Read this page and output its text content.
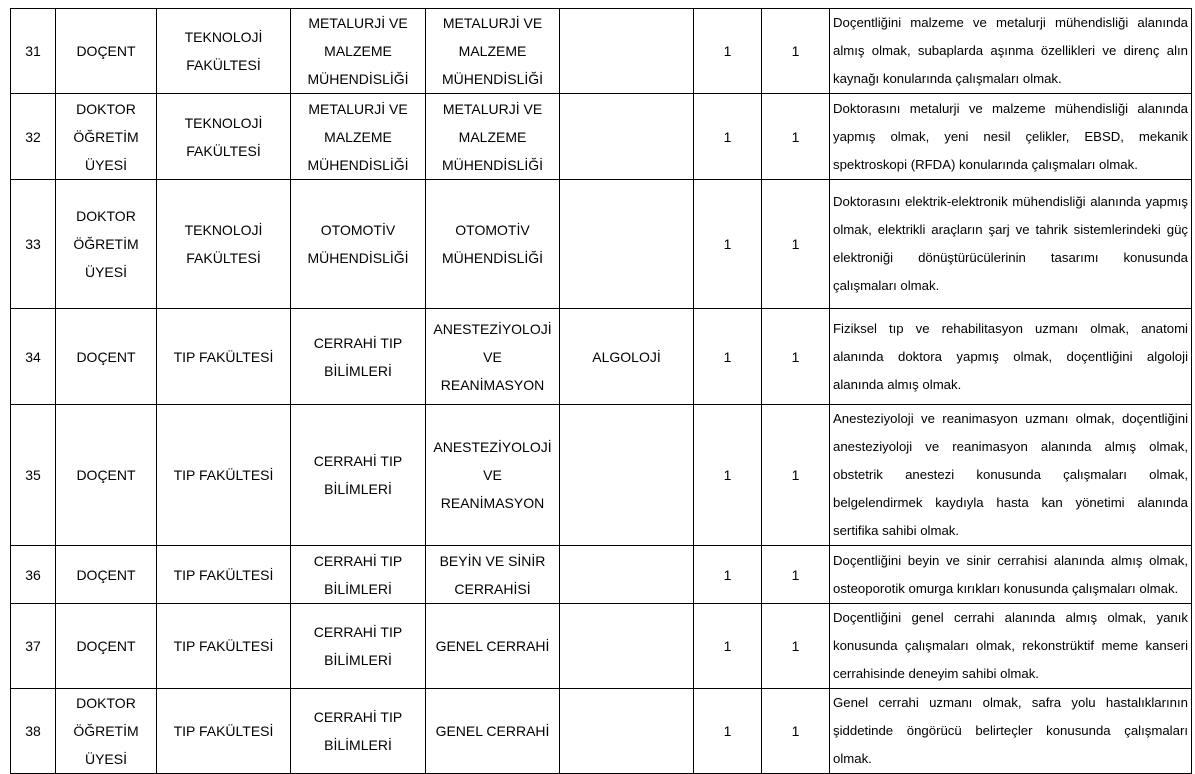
31	DOÇENT	TEKNOLOJİ FAKÜLTESİ	METALURJİ VE MALZEME MÜHENDİSLİĞİ	METALURJİ VE MALZEME MÜHENDİSLİĞİ		1	1	Doçentliğini malzeme ve metalurji mühendisliği alanında almış olmak, subaplarda aşınma özellikleri ve direnç alın kaynağı konularında çalışmaları olmak.
32	DOKTOR ÖĞRETİM ÜYESİ	TEKNOLOJİ FAKÜLTESİ	METALURJİ VE MALZEME MÜHENDİSLİĞİ	METALURJİ VE MALZEME MÜHENDİSLİĞİ		1	1	Doktorasını metalurji ve malzeme mühendisliği alanında yapmış olmak, yeni nesil çelikler, EBSD, mekanik spektroskopi (RFDA) konularında çalışmaları olmak.
33	DOKTOR ÖĞRETİM ÜYESİ	TEKNOLOJİ FAKÜLTESİ	OTOMOTİV MÜHENDİSLİĞİ	OTOMOTİV MÜHENDİSLİĞİ		1	1	Doktorasını elektrik-elektronik mühendisliği alanında yapmış olmak, elektrikli araçların şarj ve tahrik sistemlerindeki güç elektroniği dönüştürücülerinin tasarımı konusunda çalışmaları olmak.
34	DOÇENT	TIP FAKÜLTESİ	CERRAHİ TIP BİLİMLERİ	ANESTEZİYOLOJİ VE REANİMASYON	ALGOLOJİ	1	1	Fiziksel tıp ve rehabilitasyon uzmanı olmak, anatomi alanında doktora yapmış olmak, doçentliğini algoloji alanında almış olmak.
35	DOÇENT	TIP FAKÜLTESİ	CERRAHİ TIP BİLİMLERİ	ANESTEZİYOLOJİ VE REANİMASYON		1	1	Anesteziyoloji ve reanimasyon uzmanı olmak, doçentliğini anesteziyoloji ve reanimasyon alanında almış olmak, obstetrik anestezi konusunda çalışmaları olmak, belgelendirmek kaydıyla hasta kan yönetimi alanında sertifika sahibi olmak.
36	DOÇENT	TIP FAKÜLTESİ	CERRAHİ TIP BİLİMLERİ	BEYİN VE SİNİR CERRAHİSİ		1	1	Doçentliğini beyin ve sinir cerrahisi alanında almış olmak, osteoporotik omurga kırıkları konusunda çalışmaları olmak.
37	DOÇENT	TIP FAKÜLTESİ	CERRAHİ TIP BİLİMLERİ	GENEL CERRAHİ		1	1	Doçentliğini genel cerrahi alanında almış olmak, yanık konusunda çalışmaları olmak, rekonstrüktif meme kanseri cerrahisinde deneyim sahibi olmak.
38	DOKTOR ÖĞRETİM ÜYESİ	TIP FAKÜLTESİ	CERRAHİ TIP BİLİMLERİ	GENEL CERRAHİ		1	1	Genel cerrahi uzmanı olmak, safra yolu hastalıklarının şiddetinde öngörücü belirteçler konusunda çalışmaları olmak.
